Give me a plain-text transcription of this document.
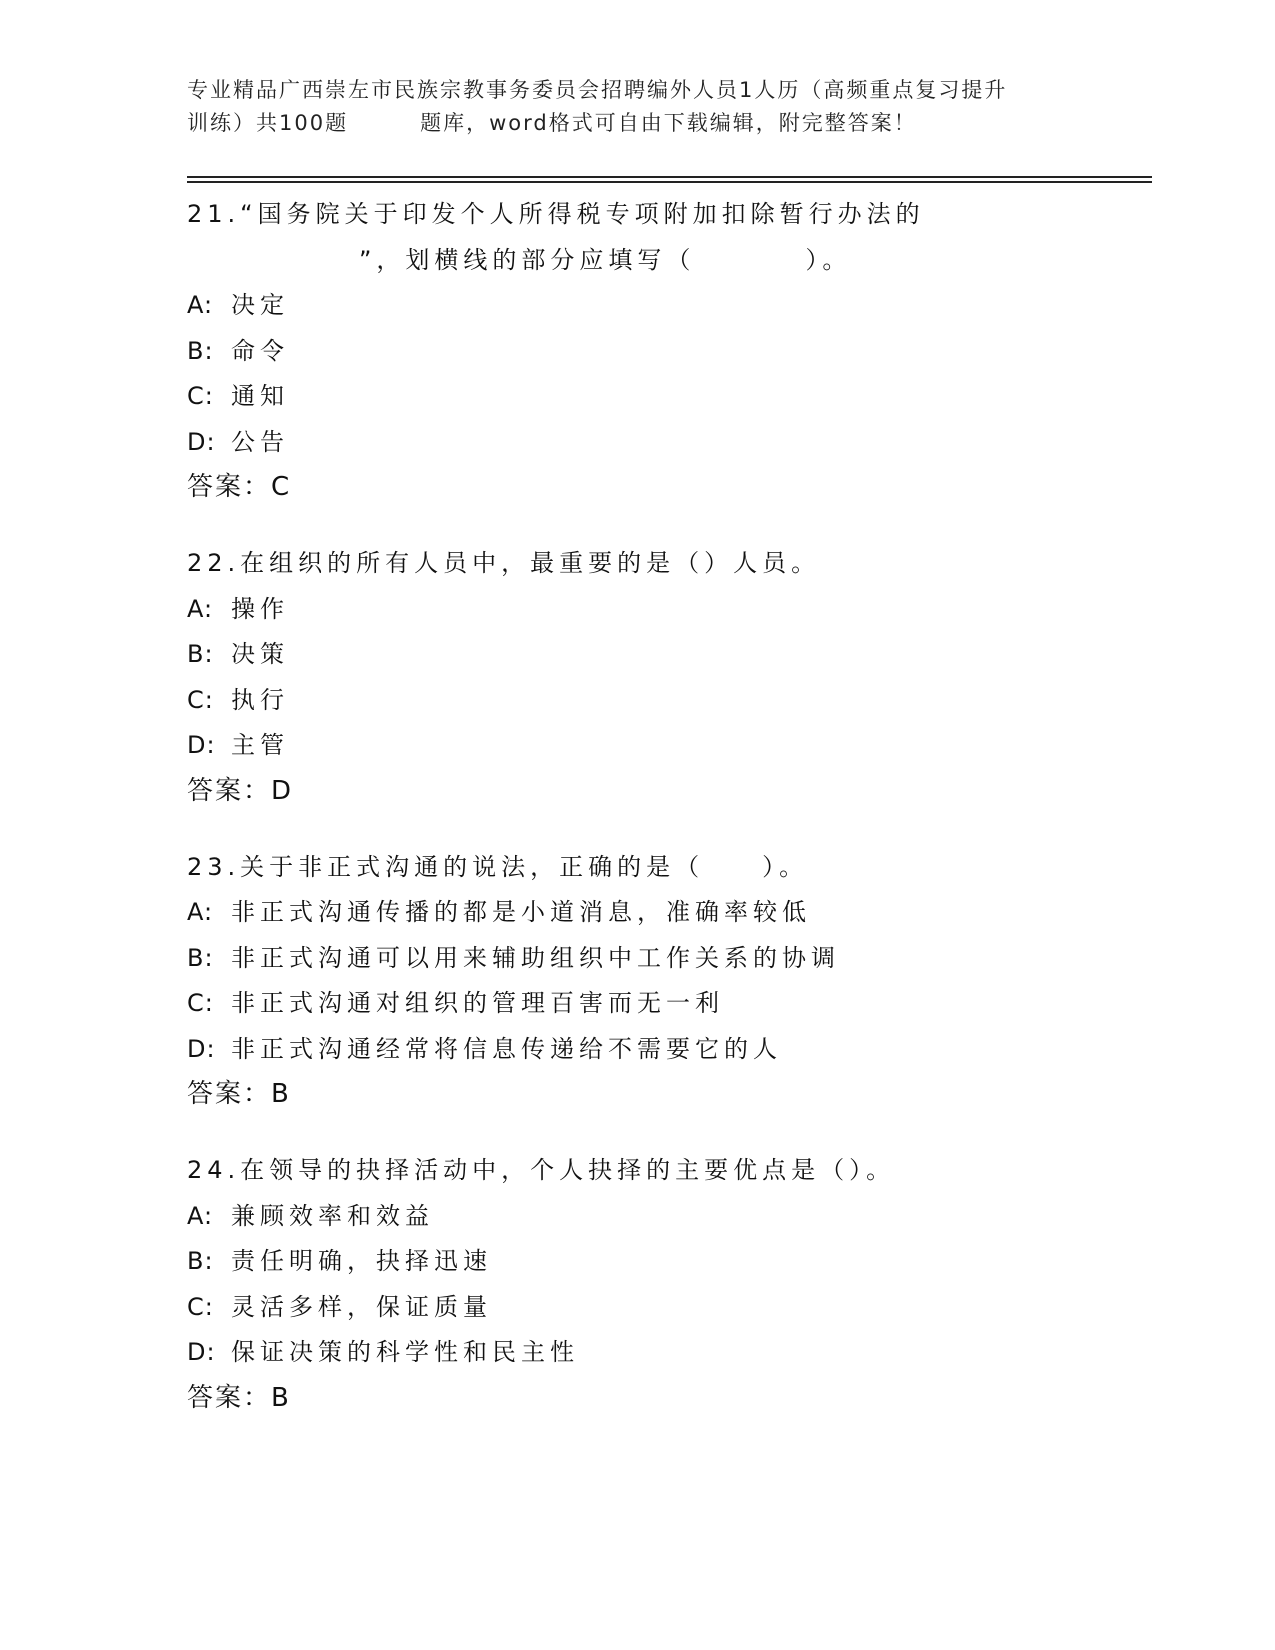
专业精品广西崇左市民族宗教事务委员会招聘编外人员1人历（高频重点复习提升
训练）共100题	题库，word格式可自由下载编辑，附完整答案！
21.“国务院关于印发个人所得税专项附加扣除暂行办法的
”，划横线的部分应填写（	）。
A: 决定
B: 命令
C: 通知
D: 公告
答案：C
22.在组织的所有人员中，最重要的是（）人员。
A: 操作
B: 决策
C: 执行
D: 主管
答案：D
23.关于非正式沟通的说法，正确的是（　　）。
A: 非正式沟通传播的都是小道消息，准确率较低
B: 非正式沟通可以用来辅助组织中工作关系的协调
C: 非正式沟通对组织的管理百害而无一利
D: 非正式沟通经常将信息传递给不需要它的人
答案：B
24.在领导的抉择活动中，个人抉择的主要优点是（）。
A: 兼顾效率和效益
B: 责任明确，抉择迅速
C: 灵活多样，保证质量
D: 保证决策的科学性和民主性
答案：B
